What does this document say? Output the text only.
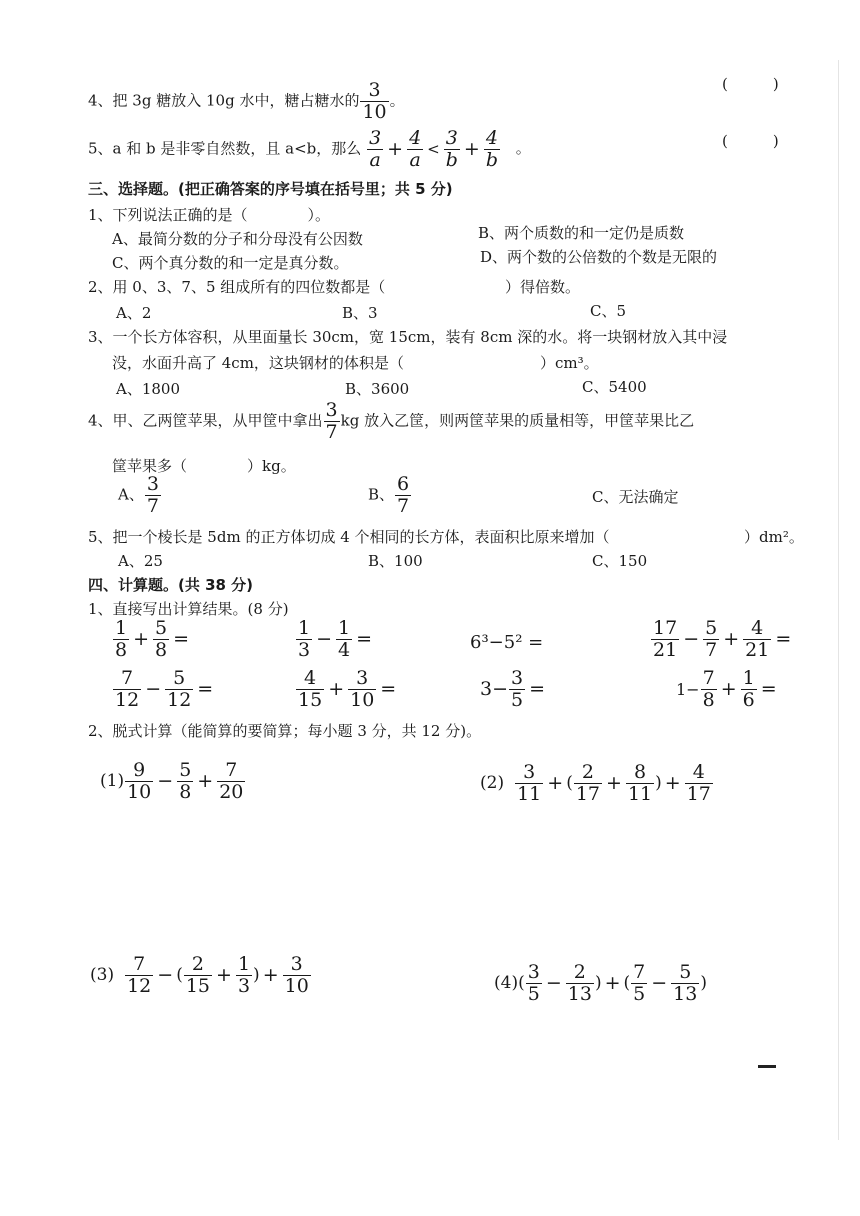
4、把 3g 糖放入 10g 水中，糖占糖水的 $\frac{3}{10}$ 。
(　　　)
5、a 和 b 是非零自然数，且 a<b，那么 $\frac{3}{a} + \frac{4}{a} < \frac{3}{b} + \frac{4}{b}$ 。	(　　　)
三、选择题。(把正确答案的序号填在括号里；共 5 分)
1、下列说法正确的是（　　　　）。
A、最简分数的分子和分母没有公因数	B、两个质数的和一定仍是质数
C、两个真分数的和一定是真分数。	D、两个数的公倍数的个数是无限的
2、用 0、3、7、5 组成所有的四位数都是（	）得倍数。
A、2	B、3	C、5
3、一个长方体容积，从里面量长 30cm，宽 15cm，装有 8cm 深的水。将一块钢材放入其中浸
没，水面升高了 4cm，这块钢材的体积是（	）cm³。
A、1800	B、3600	C、5400
4、甲、乙两筐苹果，从甲筐中拿出 $\frac{3}{7}$ kg 放入乙筐，则两筐苹果的质量相等，甲筐苹果比乙
筐苹果多（　　　　）kg。
A、 $\frac{3}{7}$	B、 $\frac{6}{7}$	C、无法确定
5、把一个棱长是 5dm 的正方体切成 4 个相同的长方体，表面积比原来增加（	）dm²。
A、25	B、100	C、150
四、计算题。(共 38 分)
1、直接写出计算结果。(8 分)
$\frac{1}{8} + \frac{5}{8}$ =	$\frac{1}{3} - \frac{1}{4}$ =	6³−5² =	$\frac{17}{21} - \frac{5}{7} + \frac{4}{21}$ =
$\frac{7}{12} - \frac{5}{12}$ =	$\frac{4}{15} + \frac{3}{10}$ =	$3- \frac{3}{5}$ =	$1- \frac{7}{8} + \frac{1}{6}$ =
2、脱式计算（能简算的要简算；每小题 3 分，共 12 分)。
$(1) \frac{9}{10} - \frac{5}{8} + \frac{7}{20}$	$(2) \frac{3}{11}$ + ( $\frac{2}{17} + \frac{8}{11}$ ) + $\frac{4}{17}$
$(3) \frac{7}{12}$ − ( $\frac{2}{15} + \frac{1}{3}$ ) + $\frac{3}{10}$	$(4)( \frac{3}{5} - \frac{2}{13}$ ) + ( $\frac{7}{5} - \frac{5}{13}$ )
